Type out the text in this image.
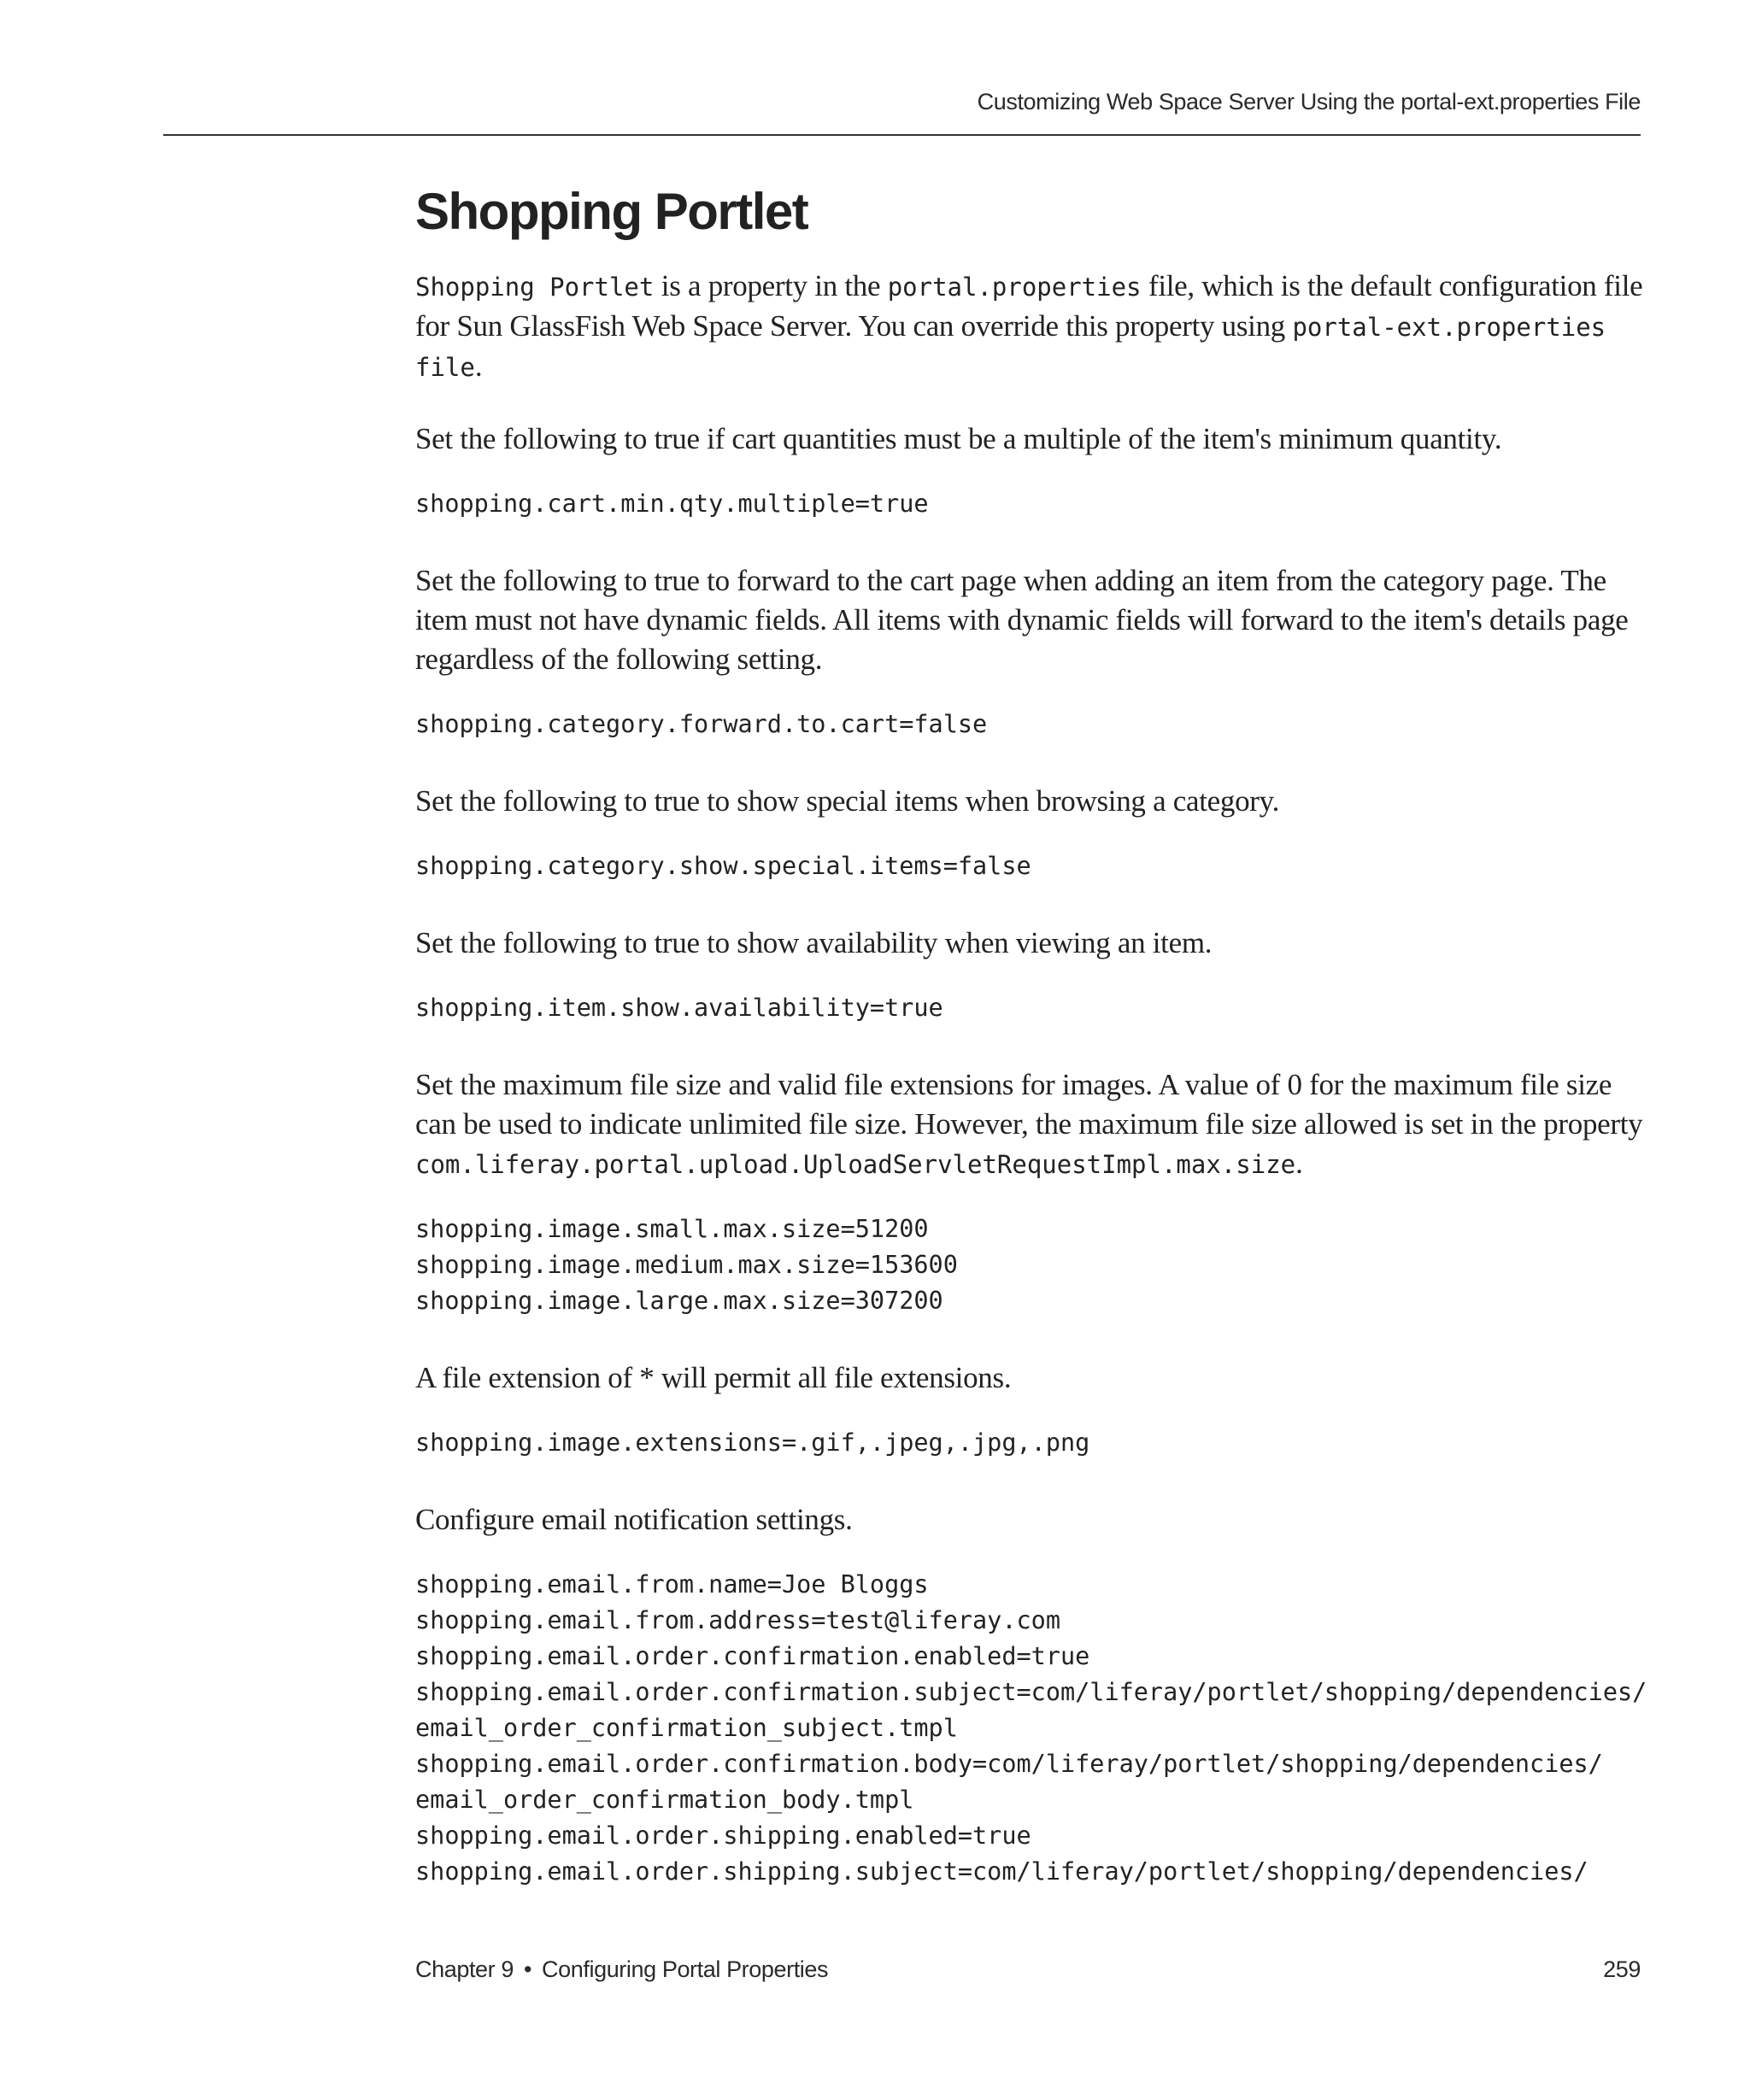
Customizing Web Space Server Using the portal-ext.properties File
Shopping Portlet

Shopping Portlet is a property in the portal.properties file, which is the default configuration file for Sun GlassFish Web Space Server. You can override this property using portal-ext.properties file.

Set the following to true if cart quantities must be a multiple of the item's minimum quantity.

shopping.cart.min.qty.multiple=true

Set the following to true to forward to the cart page when adding an item from the category page. The item must not have dynamic fields. All items with dynamic fields will forward to the item's details page regardless of the following setting.

shopping.category.forward.to.cart=false

Set the following to true to show special items when browsing a category.

shopping.category.show.special.items=false

Set the following to true to show availability when viewing an item.

shopping.item.show.availability=true

Set the maximum file size and valid file extensions for images. A value of 0 for the maximum file size can be used to indicate unlimited file size. However, the maximum file size allowed is set in the property com.liferay.portal.upload.UploadServletRequestImpl.max.size.

shopping.image.small.max.size=51200
shopping.image.medium.max.size=153600
shopping.image.large.max.size=307200

A file extension of * will permit all file extensions.

shopping.image.extensions=.gif,.jpeg,.jpg,.png

Configure email notification settings.

shopping.email.from.name=Joe Bloggs
shopping.email.from.address=test@liferay.com
shopping.email.order.confirmation.enabled=true
shopping.email.order.confirmation.subject=com/liferay/portlet/shopping/dependencies/
email_order_confirmation_subject.tmpl
shopping.email.order.confirmation.body=com/liferay/portlet/shopping/dependencies/
email_order_confirmation_body.tmpl
shopping.email.order.shipping.enabled=true
shopping.email.order.shipping.subject=com/liferay/portlet/shopping/dependencies/
Chapter 9 • Configuring Portal Properties	259
